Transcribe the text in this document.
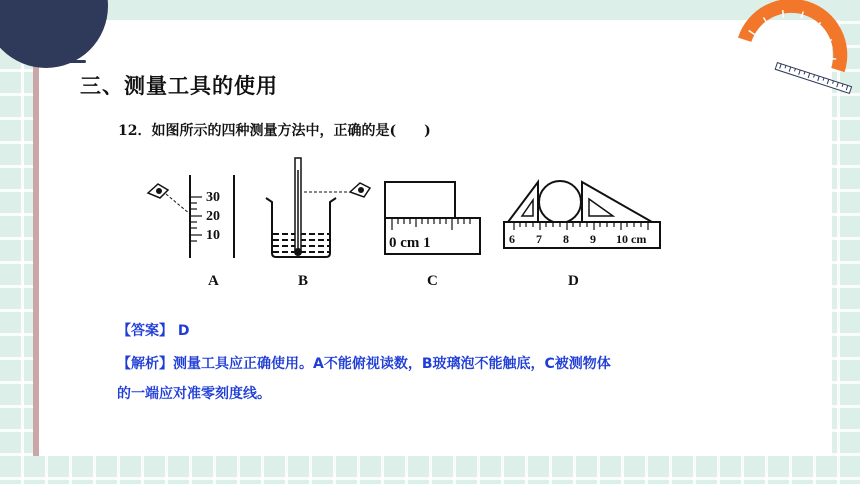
三、测量工具的使用
12．如图所示的四种测量方法中，正确的是(　　)
30
20
10
A	B
0 cm 1
C
6 7 8 9 10 cm
D
【答案】 D
【解析】测量工具应正确使用。A不能俯视读数，B玻璃泡不能触底，C被测物体
的一端应对准零刻度线。
